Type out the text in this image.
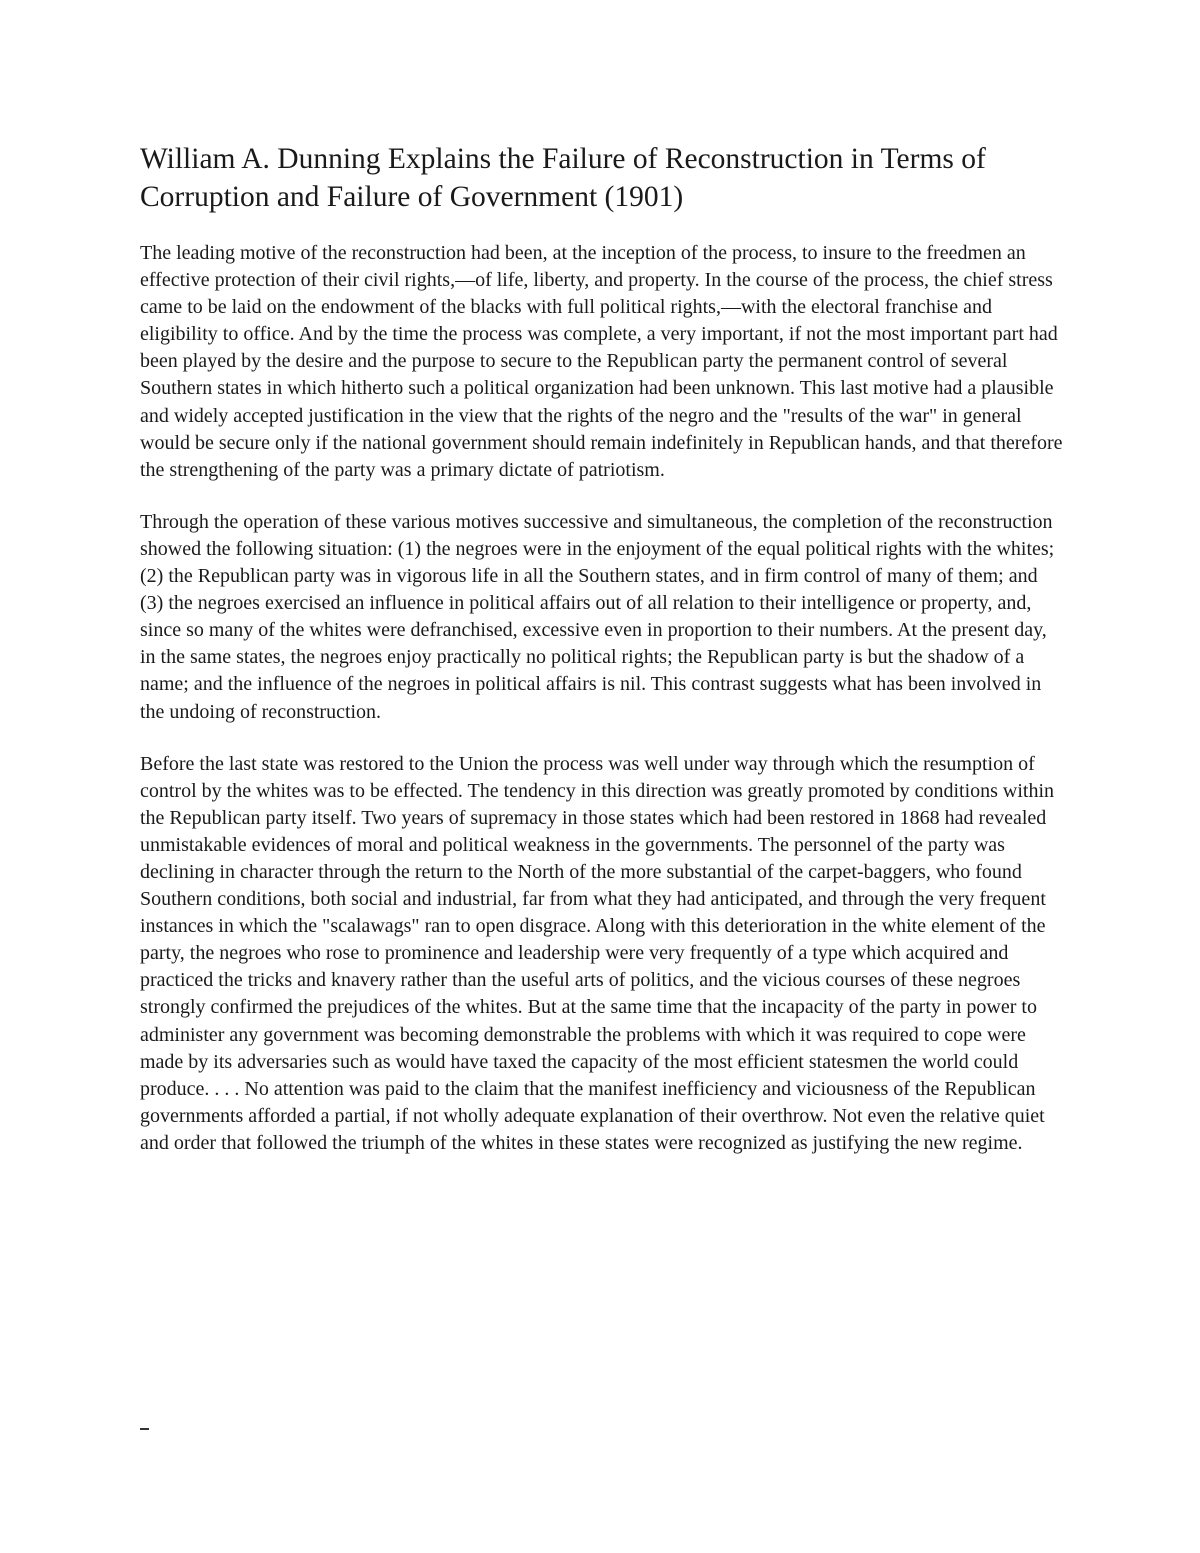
William A. Dunning Explains the Failure of Reconstruction in Terms of Corruption and Failure of Government (1901)

The leading motive of the reconstruction had been, at the inception of the process, to insure to the freedmen an effective protection of their civil rights,—of life, liberty, and property. In the course of the process, the chief stress came to be laid on the endowment of the blacks with full political rights,—with the electoral franchise and eligibility to office. And by the time the process was complete, a very important, if not the most important part had been played by the desire and the purpose to secure to the Republican party the permanent control of several Southern states in which hitherto such a political organization had been unknown. This last motive had a plausible and widely accepted justification in the view that the rights of the negro and the "results of the war" in general would be secure only if the national government should remain indefinitely in Republican hands, and that therefore the strengthening of the party was a primary dictate of patriotism.

Through the operation of these various motives successive and simultaneous, the completion of the reconstruction showed the following situation: (1) the negroes were in the enjoyment of the equal political rights with the whites; (2) the Republican party was in vigorous life in all the Southern states, and in firm control of many of them; and (3) the negroes exercised an influence in political affairs out of all relation to their intelligence or property, and, since so many of the whites were defranchised, excessive even in proportion to their numbers. At the present day, in the same states, the negroes enjoy practically no political rights; the Republican party is but the shadow of a name; and the influence of the negroes in political affairs is nil. This contrast suggests what has been involved in the undoing of reconstruction.

Before the last state was restored to the Union the process was well under way through which the resumption of control by the whites was to be effected. The tendency in this direction was greatly promoted by conditions within the Republican party itself. Two years of supremacy in those states which had been restored in 1868 had revealed unmistakable evidences of moral and political weakness in the governments. The personnel of the party was declining in character through the return to the North of the more substantial of the carpet-baggers, who found Southern conditions, both social and industrial, far from what they had anticipated, and through the very frequent instances in which the "scalawags" ran to open disgrace. Along with this deterioration in the white element of the party, the negroes who rose to prominence and leadership were very frequently of a type which acquired and practiced the tricks and knavery rather than the useful arts of politics, and the vicious courses of these negroes strongly confirmed the prejudices of the whites. But at the same time that the incapacity of the party in power to administer any government was becoming demonstrable the problems with which it was required to cope were made by its adversaries such as would have taxed the capacity of the most efficient statesmen the world could produce. . . . No attention was paid to the claim that the manifest inefficiency and viciousness of the Republican governments afforded a partial, if not wholly adequate explanation of their overthrow. Not even the relative quiet and order that followed the triumph of the whites in these states were recognized as justifying the new regime.
